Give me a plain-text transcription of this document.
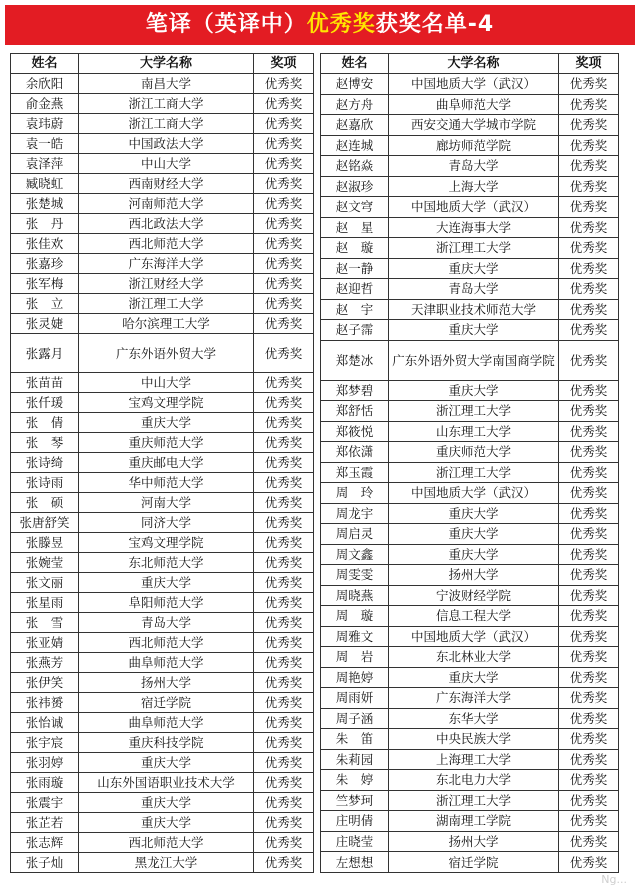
笔译（英译中）优秀奖获奖名单-4
姓名	大学名称	奖项
余欣阳	南昌大学	优秀奖
俞金燕	浙江工商大学	优秀奖
袁玮蔚	浙江工商大学	优秀奖
袁一皓	中国政法大学	优秀奖
袁泽萍	中山大学	优秀奖
臧晓虹	西南财经大学	优秀奖
张楚城	河南师范大学	优秀奖
张　丹	西北政法大学	优秀奖
张佳欢	西北师范大学	优秀奖
张嘉珍	广东海洋大学	优秀奖
张军梅	浙江财经大学	优秀奖
张　立	浙江理工大学	优秀奖
张灵婕	哈尔滨理工大学	优秀奖
张露月	广东外语外贸大学	优秀奖
张苗苗	中山大学	优秀奖
张仟瑗	宝鸡文理学院	优秀奖
张　倩	重庆大学	优秀奖
张　琴	重庆师范大学	优秀奖
张诗绮	重庆邮电大学	优秀奖
张诗雨	华中师范大学	优秀奖
张　硕	河南大学	优秀奖
张唐舒笑	同济大学	优秀奖
张滕昱	宝鸡文理学院	优秀奖
张婉莹	东北师范大学	优秀奖
张文丽	重庆大学	优秀奖
张星雨	阜阳师范大学	优秀奖
张　雪	青岛大学	优秀奖
张亚婧	西北师范大学	优秀奖
张燕芳	曲阜师范大学	优秀奖
张伊笑	扬州大学	优秀奖
张祎赟	宿迁学院	优秀奖
张怡诚	曲阜师范大学	优秀奖
张宇宸	重庆科技学院	优秀奖
张羽婷	重庆大学	优秀奖
张雨璇	山东外国语职业技术大学	优秀奖
张震宇	重庆大学	优秀奖
张芷若	重庆大学	优秀奖
张志辉	西北师范大学	优秀奖
张子灿	黑龙江大学	优秀奖
姓名	大学名称	奖项
赵博安	中国地质大学（武汉）	优秀奖
赵方舟	曲阜师范大学	优秀奖
赵嘉欣	西安交通大学城市学院	优秀奖
赵连城	廊坊师范学院	优秀奖
赵铭焱	青岛大学	优秀奖
赵淑珍	上海大学	优秀奖
赵文穹	中国地质大学（武汉）	优秀奖
赵　星	大连海事大学	优秀奖
赵　璇	浙江理工大学	优秀奖
赵一静	重庆大学	优秀奖
赵迎哲	青岛大学	优秀奖
赵　宇	天津职业技术师范大学	优秀奖
赵子霈	重庆大学	优秀奖
郑楚冰	广东外语外贸大学南国商学院	优秀奖
郑梦碧	重庆大学	优秀奖
郑舒恬	浙江理工大学	优秀奖
郑筱悦	山东理工大学	优秀奖
郑依潇	重庆师范大学	优秀奖
郑玉霞	浙江理工大学	优秀奖
周　玲	中国地质大学（武汉）	优秀奖
周龙宇	重庆大学	优秀奖
周启灵	重庆大学	优秀奖
周文鑫	重庆大学	优秀奖
周雯雯	扬州大学	优秀奖
周晓燕	宁波财经学院	优秀奖
周　璇	信息工程大学	优秀奖
周雅文	中国地质大学（武汉）	优秀奖
周　岩	东北林业大学	优秀奖
周艳婷	重庆大学	优秀奖
周雨妍	广东海洋大学	优秀奖
周子涵	东华大学	优秀奖
朱　笛	中央民族大学	优秀奖
朱莉园	上海理工大学	优秀奖
朱　婷	东北电力大学	优秀奖
竺梦珂	浙江理工大学	优秀奖
庄明倩	湖南理工学院	优秀奖
庄晓莹	扬州大学	优秀奖
左想想	宿迁学院	优秀奖
Ng...
